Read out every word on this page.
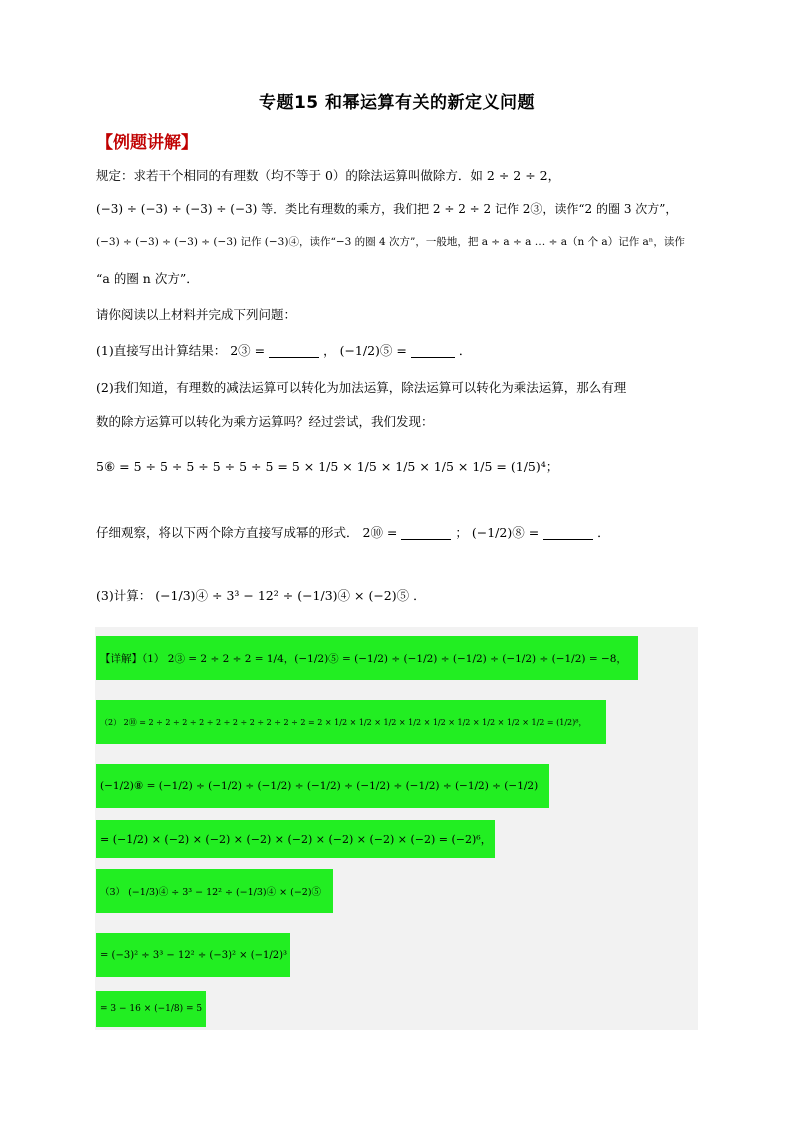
专题15 和幂运算有关的新定义问题
【例题讲解】
规定：求若干个相同的有理数（均不等于 0）的除法运算叫做除方．如 2 ÷ 2 ÷ 2，
(−3) ÷ (−3) ÷ (−3) ÷ (−3) 等．类比有理数的乘方，我们把 2 ÷ 2 ÷ 2 记作 2③，读作“2 的圈 3 次方”，
(−3) ÷ (−3) ÷ (−3) ÷ (−3) 记作 (−3)④，读作“−3 的圈 4 次方”，一般地，把 a ÷ a ÷ a … ÷ a（n 个 a）记作 aⁿ，读作
“a 的圈 n 次方”．
请你阅读以上材料并完成下列问题：
(1)直接写出计算结果： 2③ =	， (−1/2)⑤ =	．
(2)我们知道，有理数的减法运算可以转化为加法运算，除法运算可以转化为乘法运算，那么有理
数的除方运算可以转化为乘方运算吗？经过尝试，我们发现：
5⑥ = 5 ÷ 5 ÷ 5 ÷ 5 ÷ 5 ÷ 5 = 5 × 1/5 × 1/5 × 1/5 × 1/5 × 1/5 = (1/5)⁴；
仔细观察，将以下两个除方直接写成幂的形式． 2⑩ =	； (−1/2)⑧ =	．
(3)计算： (−1/3)④ ÷ 3³ − 12² ÷ (−1/3)④ × (−2)⑤ ．
【详解】（1） 2③ = 2 ÷ 2 ÷ 2 = 1/4，(−1/2)⑤ = (−1/2) ÷ (−1/2) ÷ (−1/2) ÷ (−1/2) ÷ (−1/2) = −8，
（2） 2⑩ = 2 ÷ 2 ÷ 2 ÷ 2 ÷ 2 ÷ 2 ÷ 2 ÷ 2 ÷ 2 ÷ 2 = 2 × 1/2 × 1/2 × 1/2 × 1/2 × 1/2 × 1/2 × 1/2 × 1/2 × 1/2 = (1/2)⁸，
(−1/2)⑧ = (−1/2) ÷ (−1/2) ÷ (−1/2) ÷ (−1/2) ÷ (−1/2) ÷ (−1/2) ÷ (−1/2) ÷ (−1/2)
= (−1/2) × (−2) × (−2) × (−2) × (−2) × (−2) × (−2) × (−2) = (−2)⁶，
（3） (−1/3)④ ÷ 3³ − 12² ÷ (−1/3)④ × (−2)⑤
= (−3)² ÷ 3³ − 12² ÷ (−3)² × (−1/2)³
= 3 − 16 × (−1/8) = 5
